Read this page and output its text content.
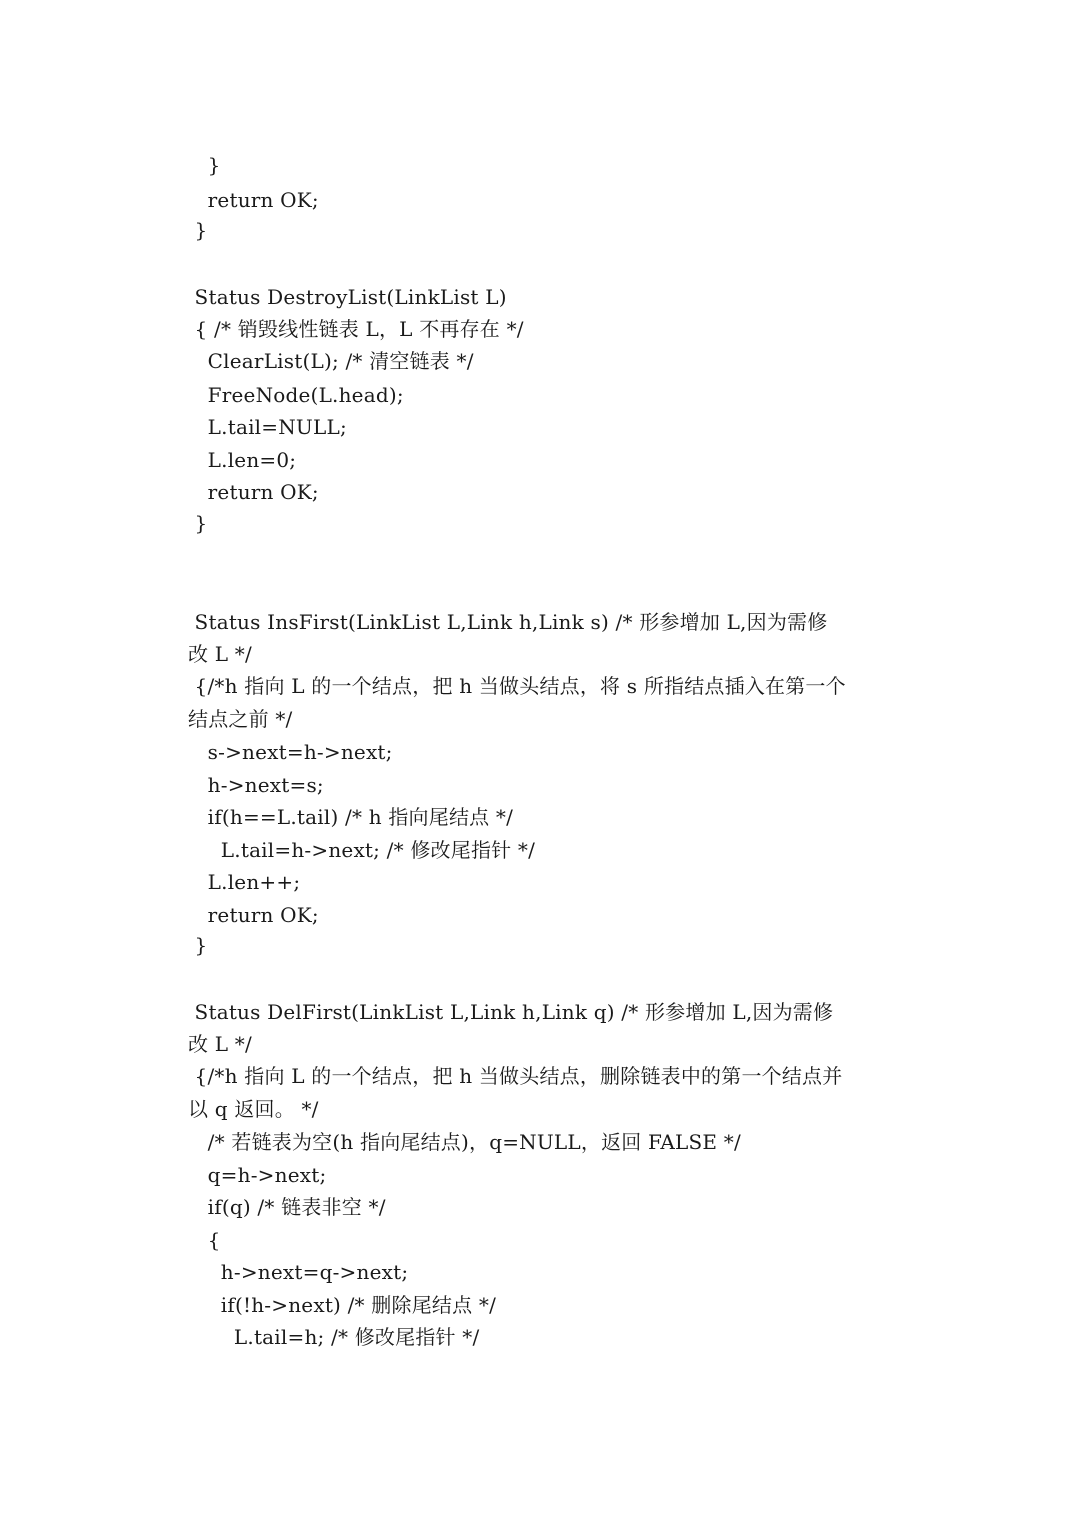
}
return OK;
}
Status DestroyList(LinkList L)
{ /* 销毁线性链表 L，L 不再存在 */
ClearList(L); /* 清空链表 */
FreeNode(L.head);
L.tail=NULL;
L.len=0;
return OK;
}
Status InsFirst(LinkList L,Link h,Link s) /* 形参增加 L,因为需修
改 L */
{/*h 指向 L 的一个结点，把 h 当做头结点，将 s 所指结点插入在第一个
结点之前 */
s->next=h->next;
h->next=s;
if(h==L.tail) /* h 指向尾结点 */
L.tail=h->next; /* 修改尾指针 */
L.len++;
return OK;
}
Status DelFirst(LinkList L,Link h,Link q) /* 形参增加 L,因为需修
改 L */
{/*h 指向 L 的一个结点，把 h 当做头结点，删除链表中的第一个结点并
以 q 返回。 */
/* 若链表为空(h 指向尾结点)，q=NULL，返回 FALSE */
q=h->next;
if(q) /* 链表非空 */
{
h->next=q->next;
if(!h->next) /* 删除尾结点 */
L.tail=h; /* 修改尾指针 */
